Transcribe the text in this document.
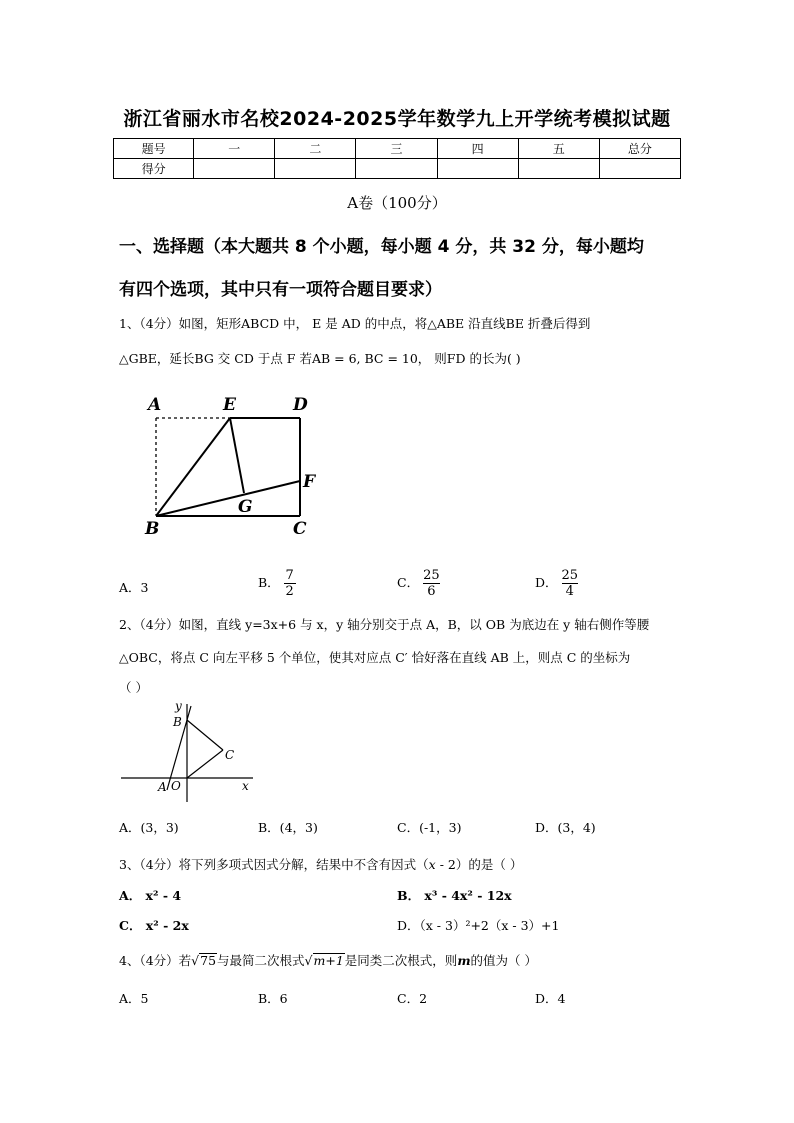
浙江省丽水市名校2024-2025学年数学九上开学统考模拟试题
题号	一	二	三	四	五	总分
得分						
A卷（100分）
一、选择题（本大题共 8 个小题，每小题 4 分，共 32 分，每小题均
有四个选项，其中只有一项符合题目要求）
1、（4分）如图，矩形ABCD 中， E 是 AD 的中点，将△ABE 沿直线BE 折叠后得到
△GBE，延长BG 交 CD 于点 F 若AB = 6, BC = 10， 则FD 的长为( )
A	E	D
F
G
B	C
A．3	B． $\frac{7}{2}$	C． $\frac{25}{6}$	D． $\frac{25}{4}$
2、（4分）如图，直线 y=3x+6 与 x，y 轴分别交于点 A，B，以 OB 为底边在 y 轴右侧作等腰
△OBC，将点 C 向左平移 5 个单位，使其对应点 C′ 恰好落在直线 AB 上，则点 C 的坐标为
（ ）
y
B
C
A O	x
A．(3，3)	B．(4，3)	C．(-1，3)	D．(3，4)
3、（4分）将下列多项式因式分解，结果中不含有因式（x - 2）的是（ ）
A． x² - 4	B． x³ - 4x² - 12x
C． x² - 2x	D．（x - 3）²+2（x - 3）+1
4、（4分）若√75与最简二次根式√m+1是同类二次根式，则m的值为（ ）
A．5	B．6	C．2	D．4
